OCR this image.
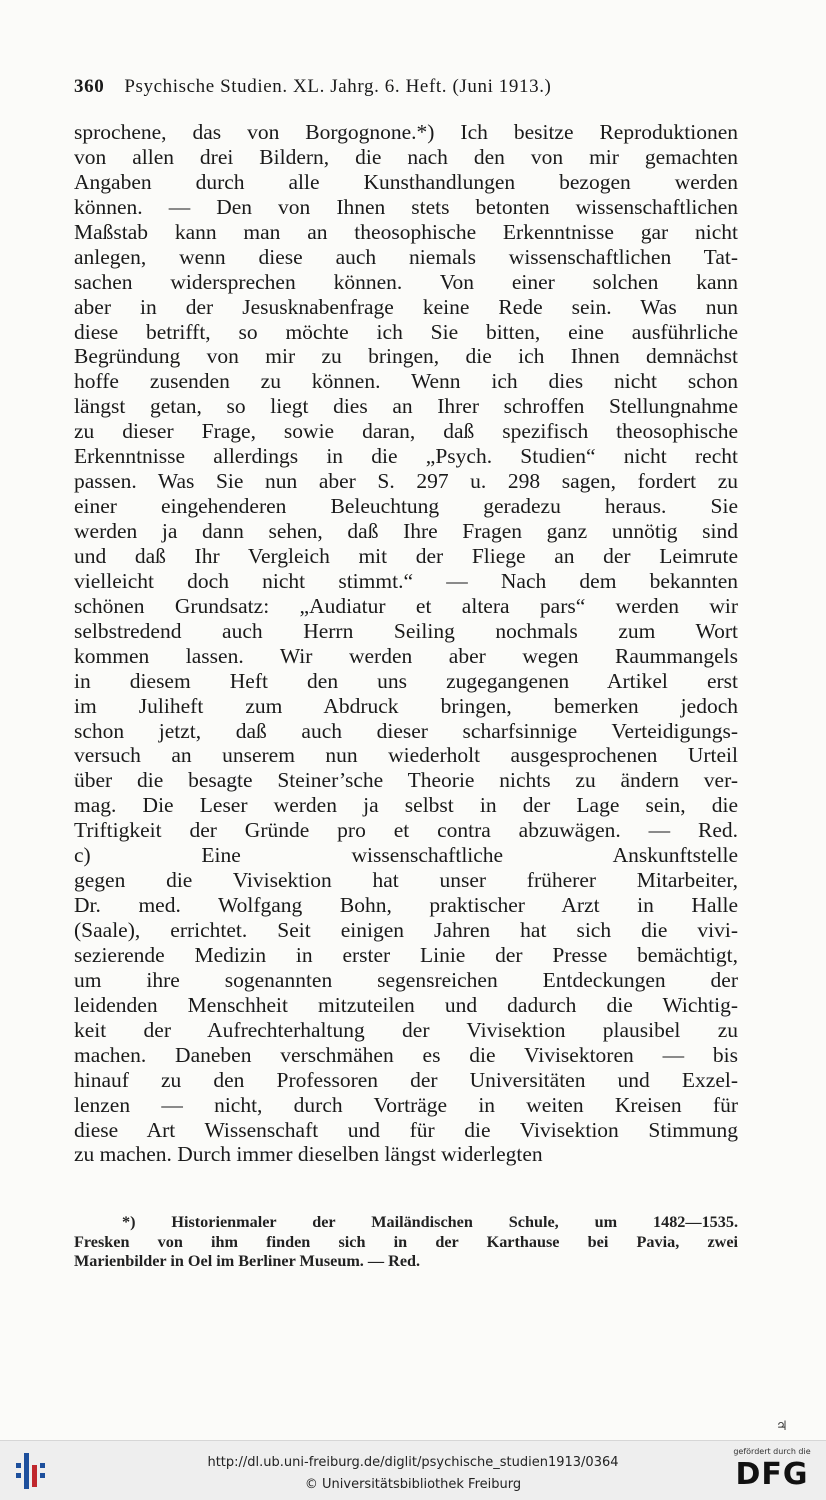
360 Psychische Studien. XL. Jahrg. 6. Heft. (Juni 1913.)
sprochene, das von Borgognone.*) Ich besitze Reproduktionen
von allen drei Bildern, die nach den von mir gemachten
Angaben durch alle Kunsthandlungen bezogen werden
können. — Den von Ihnen stets betonten wissenschaftlichen
Maßstab kann man an theosophische Erkenntnisse gar nicht
anlegen, wenn diese auch niemals wissenschaftlichen Tat-
sachen widersprechen können. Von einer solchen kann
aber in der Jesusknabenfrage keine Rede sein. Was nun
diese betrifft, so möchte ich Sie bitten, eine ausführliche
Begründung von mir zu bringen, die ich Ihnen demnächst
hoffe zusenden zu können. Wenn ich dies nicht schon
längst getan, so liegt dies an Ihrer schroffen Stellungnahme
zu dieser Frage, sowie daran, daß spezifisch theosophische
Erkenntnisse allerdings in die „Psych. Studien“ nicht recht
passen. Was Sie nun aber S. 297 u. 298 sagen, fordert zu
einer eingehenderen Beleuchtung geradezu heraus. Sie
werden ja dann sehen, daß Ihre Fragen ganz unnötig sind
und daß Ihr Vergleich mit der Fliege an der Leimrute
vielleicht doch nicht stimmt.“ — Nach dem bekannten
schönen Grundsatz: „Audiatur et altera pars“ werden wir
selbstredend auch Herrn Seiling nochmals zum Wort
kommen lassen. Wir werden aber wegen Raummangels
in diesem Heft den uns zugegangenen Artikel erst
im Juliheft zum Abdruck bringen, bemerken jedoch
schon jetzt, daß auch dieser scharfsinnige Verteidigungs-
versuch an unserem nun wiederholt ausgesprochenen Urteil
über die besagte Steiner’sche Theorie nichts zu ändern ver-
mag. Die Leser werden ja selbst in der Lage sein, die
Triftigkeit der Gründe pro et contra abzuwägen. — Red.
c) Eine wissenschaftliche Anskunftstelle
gegen die Vivisektion hat unser früherer Mitarbeiter,
Dr. med. Wolfgang Bohn, praktischer Arzt in Halle
(Saale), errichtet. Seit einigen Jahren hat sich die vivi-
sezierende Medizin in erster Linie der Presse bemächtigt,
um ihre sogenannten segensreichen Entdeckungen der
leidenden Menschheit mitzuteilen und dadurch die Wichtig-
keit der Aufrechterhaltung der Vivisektion plausibel zu
machen. Daneben verschmähen es die Vivisektoren — bis
hinauf zu den Professoren der Universitäten und Exzel-
lenzen — nicht, durch Vorträge in weiten Kreisen für
diese Art Wissenschaft und für die Vivisektion Stimmung
zu machen. Durch immer dieselben längst widerlegten
*) Historienmaler der Mailändischen Schule, um 1482—1535.
Fresken von ihm finden sich in der Karthause bei Pavia, zwei
Marienbilder in Oel im Berliner Museum. — Red.
♃
http://dl.ub.uni-freiburg.de/diglit/psychische_studien1913/0364
© Universitätsbibliothek Freiburg
gefördert durch die
DFG
